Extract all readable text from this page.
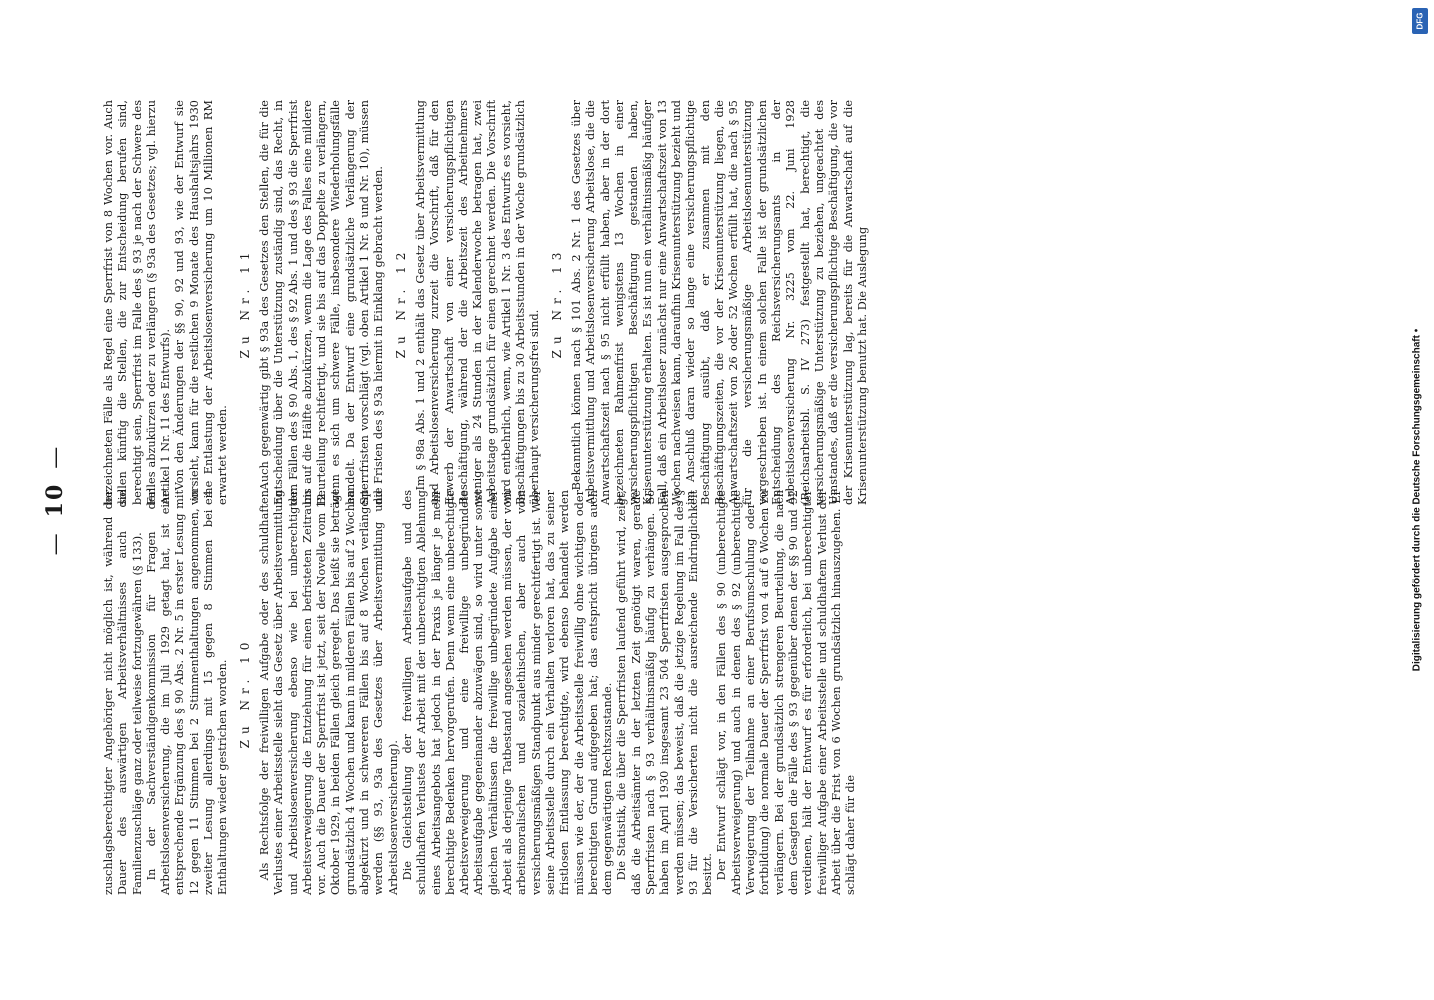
—10—

zuschlagsberechtigter Angehöriger nicht möglich ist, während der Dauer des auswärtigen Arbeitsverhältnisses auch die Familienzuschläge ganz oder teilweise fortzugewähren (§ 133). In der Sachverständigenkommission für Fragen der Arbeitslosenversicherung, die im Juli 1929 getagt hat, ist eine entsprechende Ergänzung des § 90 Abs. 2 Nr. 5 in erster Lesung mit 12 gegen 11 Stimmen bei 2 Stimmenthaltungen angenommen, in zweiter Lesung allerdings mit 15 gegen 8 Stimmen bei 4 Enthaltungen wieder gestrichen worden. Zu Nr. 10 Als Rechtsfolge der freiwilligen Aufgabe oder des schuldhaften Verlustes einer Arbeitsstelle sieht das Gesetz über Arbeitsvermittlung und Arbeitslosenversicherung ebenso wie bei unberechtigter Arbeitsverweigerung die Entziehung für einen befristeten Zeitraum vor. Auch die Dauer der Sperrfrist ist jetzt, seit der Novelle vom 12. Oktober 1929, in beiden Fällen gleich geregelt. Das heißt sie beträgt grundsätzlich 4 Wochen und kann in milderen Fällen bis auf 2 Wochen abgekürzt und in schwereren Fällen bis auf 8 Wochen verlängert werden (§§ 93, 93a des Gesetzes über Arbeitsvermittlung und Arbeitslosenversicherung). Die Gleichstellung der freiwilligen Arbeitsaufgabe und des schuldhaften Verlustes der Arbeit mit der unberechtigten Ablehnung eines Arbeitsangebots hat jedoch in der Praxis je länger je mehr berechtigte Bedenken hervorgerufen. Denn wenn eine unberechtigte Arbeitsverweigerung und eine freiwillige unbegründete Arbeitsaufgabe gegeneinander abzuwägen sind, so wird unter sonst gleichen Verhältnissen die freiwillige unbegründete Aufgabe einer Arbeit als derjenige Tatbestand angesehen werden müssen, der vom arbeitsmoralischen und sozialethischen, aber auch vom versicherungsmäßigen Standpunkt aus minder gerechtfertigt ist. Wer seine Arbeitsstelle durch ein Verhalten verloren hat, das zu seiner fristlosen Entlassung berechtigte, wird ebenso behandelt werden müssen wie der, der die Arbeitsstelle freiwillig ohne wichtigen oder berechtigten Grund aufgegeben hat; das entspricht übrigens auch dem gegenwärtigen Rechtszustande. Die Statistik, die über die Sperrfristen laufend geführt wird, zeigt, daß die Arbeitsämter in der letzten Zeit genötigt waren, gerade Sperrfristen nach § 93 verhältnismäßig häufig zu verhängen. So haben im April 1930 insgesamt 23 504 Sperrfristen ausgesprochen werden müssen; das beweist, daß die jetzige Regelung im Fall des § 93 für die Versicherten nicht die ausreichende Eindringlichkeit besitzt. Der Entwurf schlägt vor, in den Fällen des § 90 (unberechtigte Arbeitsverweigerung) und auch in denen des § 92 (unberechtigte Verweigerung der Teilnahme an einer Berufsumschulung oder -fortbildung) die normale Dauer der Sperrfrist von 4 auf 6 Wochen zu verlängern. Bei der grundsätzlich strengeren Beurteilung, die nach dem Gesagten die Fälle des § 93 gegenüber denen der §§ 90 und 92 verdienen, hält der Entwurf es für erforderlich, bei unberechtigter freiwilliger Aufgabe einer Arbeitsstelle und schuldhaftem Verlust der Arbeit über die Frist von 6 Wochen grundsätzlich hinauszugehen. Er schlägt daher für die

bezeichneten Fälle als Regel eine Sperrfrist von 8 Wochen vor. Auch sollen künftig die Stellen, die zur Entscheidung berufen sind, berechtigt sein, Sperrfrist im Falle des § 93 je nach der Schwere des Falles abzukürzen oder zu verlängern (§ 93a des Gesetzes; vgl. hierzu Artikel 1 Nr. 11 des Entwurfs). Von den Änderungen der §§ 90, 92 und 93, wie der Entwurf sie vorsieht, kann für die restlichen 9 Monate des Haushaltsjahrs 1930 eine Entlastung der Arbeitslosenversicherung um 10 Millionen RM erwartet werden.

Zu Nr. 11 Auch gegenwärtig gibt § 93a des Gesetzes den Stellen, die für die Entscheidung über die Unterstützung zuständig sind, das Recht, in den Fällen des § 90 Abs. 1, des § 92 Abs. 1 und des § 93 die Sperrfrist bis auf die Hälfte abzukürzen, wenn die Lage des Falles eine mildere Beurteilung rechtfertigt, und sie bis auf das Doppelte zu verlängern, wenn es sich um schwere Fälle, insbesondere Wiederholungsfälle handelt. Da der Entwurf eine grundsätzliche Verlängerung der Sperrfristen vorschlägt (vgl. oben Artikel 1 Nr. 8 und Nr. 10), müssen die Fristen des § 93a hiermit in Einklang gebracht werden. Zu Nr. 12 Im § 98a Abs. 1 und 2 enthält das Gesetz über Arbeitsvermittlung und Arbeitslosenversicherung zurzeit die Vorschrift, daß für den Erwerb der Anwartschaft von einer versicherungspflichtigen Beschäftigung, während der die Arbeitszeit des Arbeitnehmers weniger als 24 Stunden in der Kalenderwoche betragen hat, zwei Arbeitstage grundsätzlich für einen gerechnet werden. Die Vorschrift wird entbehrlich, wenn, wie Artikel 1 Nr. 3 des Entwurfs es vorsieht, Beschäftigungen bis zu 30 Arbeitsstunden in der Woche grundsätzlich überhaupt versicherungsfrei sind.

Zu Nr. 13 Bekanntlich können nach § 101 Abs. 2 Nr. 1 des Gesetzes über Arbeitsvermittlung und Arbeitslosenversicherung Arbeitslose, die die Anwartschaftszeit nach § 95 nicht erfüllt haben, aber in der dort bezeichneten Rahmenfrist wenigstens 13 Wochen in einer versicherungspflichtigen Beschäftigung gestanden haben, Krisenunterstützung erhalten. Es ist nun ein verhältnismäßig häufiger Fall, daß ein Arbeitsloser zunächst nur eine Anwartschaftszeit von 13 Wochen nachweisen kann, daraufhin Krisenunterstützung bezieht und im Anschluß daran wieder so lange eine versicherungspflichtige Beschäftigung ausübt, daß er zusammen mit den Beschäftigungszeiten, die vor der Krisenunterstützung liegen, die Anwartschaftszeit von 26 oder 52 Wochen erfüllt hat, die nach § 95 für die versicherungsmäßige Arbeitslosenunterstützung vorgeschrieben ist. In einem solchen Falle ist der grundsätzlichen Entscheidung des Reichsversicherungsamts in der Arbeitslosenversicherung Nr. 3225 vom 22. Juni 1928 (Reichsarbeitsbl. S. IV 273) festgestellt hat, berechtigt, die versicherungsmäßige Unterstützung zu beziehen, ungeachtet des Umstandes, daß er die versicherungspflichtige Beschäftigung, die vor der Krisenunterstützung lag, bereits für die Anwartschaft auf die Krisenunterstützung benutzt hat. Die Auslegung

DFG
Digitalisierung gefördert durch die Deutsche Forschungsgemeinschaft •
